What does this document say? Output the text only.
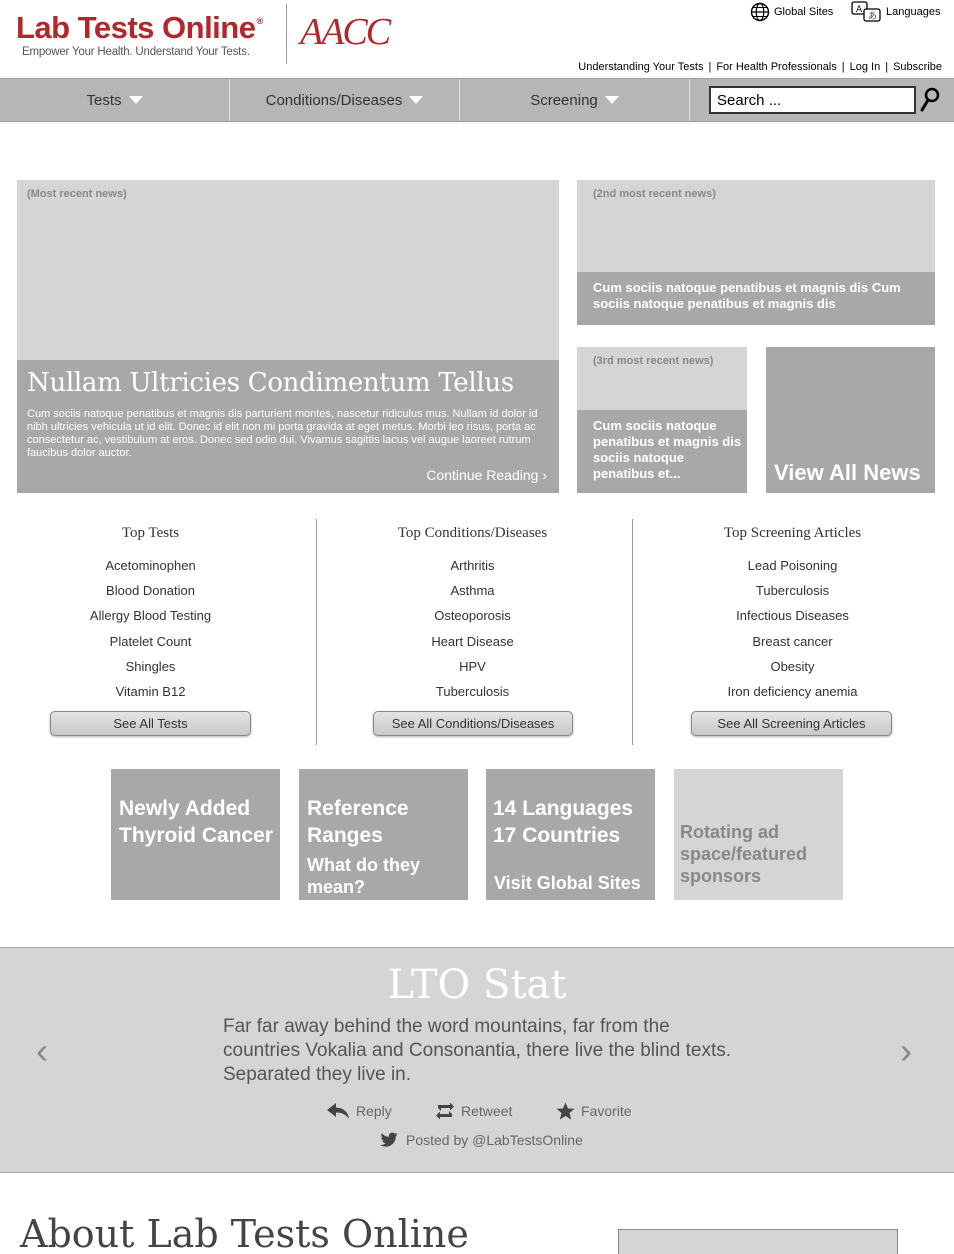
Lab Tests Online®
Empower Your Health. Understand Your Tests. AACC	Global Sites	A
あ Languages
Understanding Your Tests | For Health Professionals | Log In | Subscribe
Tests	Conditions/Diseases	Screening
Search ...
(Most recent news)
Nullam Ultricies Condimentum Tellus
Cum sociis natoque penatibus et magnis dis parturient montes, nascetur ridiculus mus. Nullam id dolor id nibh ultricies vehicula ut id elit. Donec id elit non mi porta gravida at eget metus. Morbi leo risus, porta ac consectetur ac, vestibulum at eros. Donec sed odio dui. Vivamus sagittis lacus vel augue laoreet rutrum faucibus dolor auctor.
Continue Reading ›
(2nd most recent news)
Cum sociis natoque penatibus et magnis dis Cum sociis natoque penatibus et magnis dis
(3rd most recent news)
Cum sociis natoque penatibus et magnis dis sociis natoque penatibus et...	View All News
Top Tests
Acetominophen
Blood Donation
Allergy Blood Testing
Platelet Count
Shingles
Vitamin B12
See All Tests
Top Conditions/Diseases
Arthritis
Asthma
Osteoporosis
Heart Disease
HPV
Tuberculosis
See All Conditions/Diseases
Top Screening Articles
Lead Poisoning
Tuberculosis
Infectious Diseases
Breast cancer
Obesity
Iron deficiency anemia
See All Screening Articles
Newly Added Thyroid Cancer
Reference Ranges
What do they mean?
14 Languages
17 Countries
Visit Global Sites
Rotating ad space/featured sponsors
LTO Stat
‹
Far far away behind the word mountains, far from the countries Vokalia and Consonantia, there live the blind texts. Separated they live in.
›
Reply	Retweet	Favorite
Posted by @LabTestsOnline
About Lab Tests Online
